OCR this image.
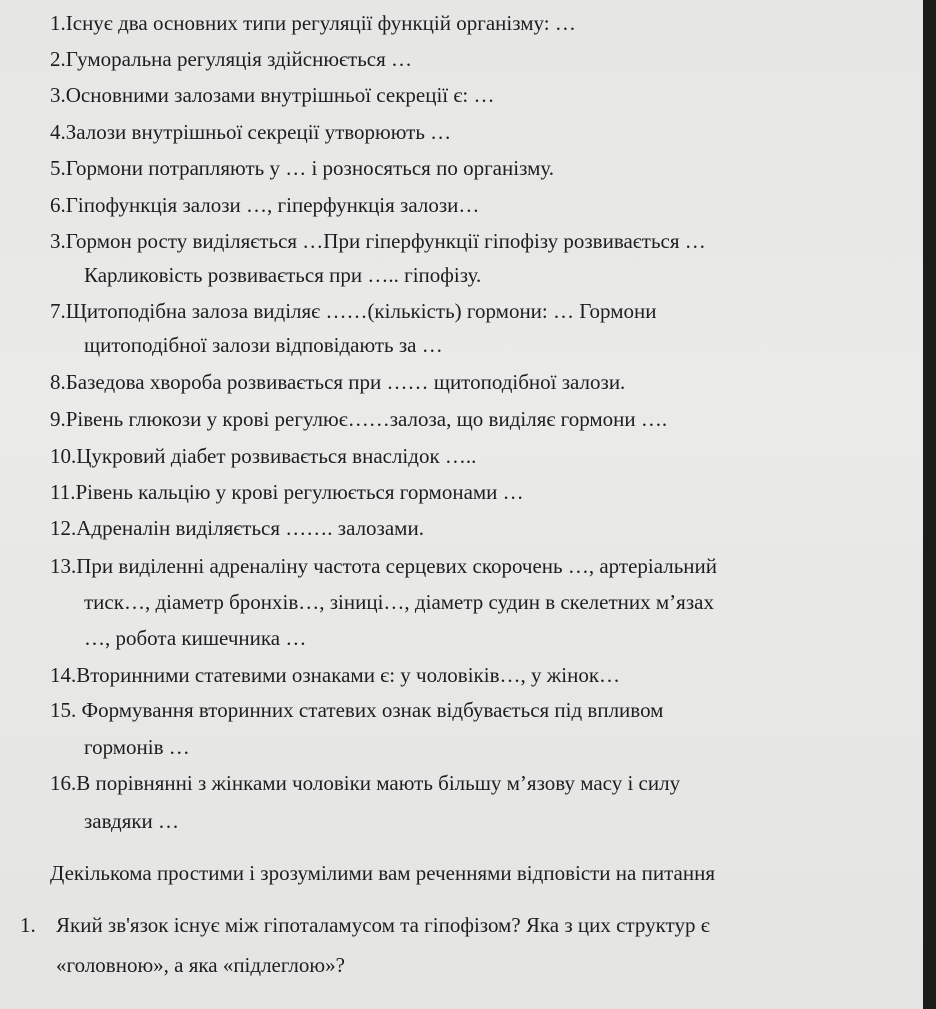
1.Існує два основних типи регуляції функцій організму: …
2.Гуморальна регуляція здійснюється …
3.Основними залозами внутрішньої секреції є: …
4.Залози внутрішньої секреції утворюють …
5.Гормони потрапляють у … і розносяться по організму.
6.Гіпофункція залози …, гіперфункція залози…
3.Гормон росту виділяється …При гіперфункції гіпофізу розвивається …
Карликовість розвивається при ….. гіпофізу.
7.Щитоподібна залоза виділяє ……(кількість) гормони: … Гормони
щитоподібної залози відповідають за …
8.Базедова хвороба розвивається при …… щитоподібної залози.
9.Рівень глюкози у крові регулює……залоза, що виділяє гормони ….
10.Цукровий діабет розвивається внаслідок …..
11.Рівень кальцію у крові регулюється гормонами …
12.Адреналін виділяється ……. залозами.
13.При виділенні адреналіну частота серцевих скорочень …, артеріальний
тиск…, діаметр бронхів…, зіниці…, діаметр судин в скелетних м’язах
…, робота кишечника …
14.Вторинними статевими ознаками є: у чоловіків…, у жінок…
15. Формування вторинних статевих ознак відбувається під впливом
гормонів …
16.В порівнянні з жінками чоловіки мають більшу м’язову масу і силу
завдяки …
Декількома простими і зрозумілими вам реченнями відповісти на питання
1. Який зв'язок існує між гіпоталамусом та гіпофізом? Яка з цих структур є
«головною», а яка «підлеглою»?
